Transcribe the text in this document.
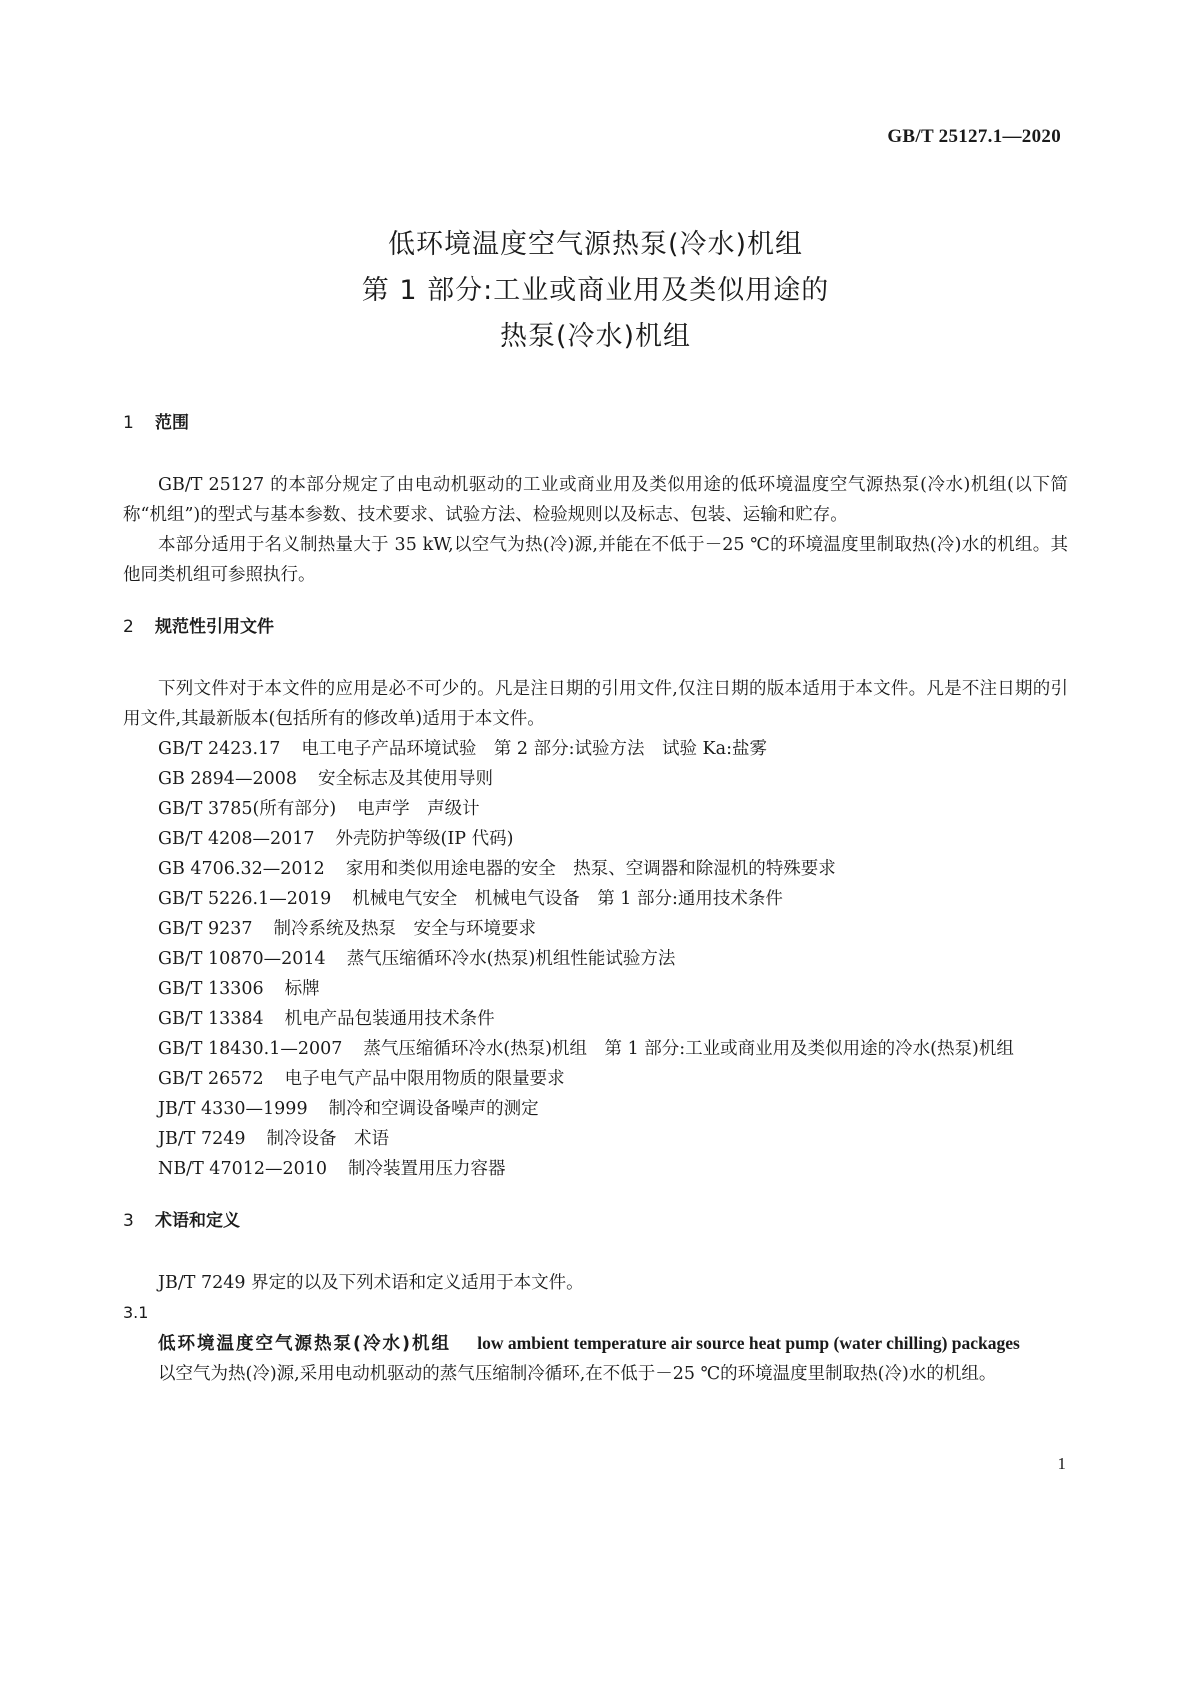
GB/T 25127.1—2020
低环境温度空气源热泵(冷水)机组
第 1 部分:工业或商业用及类似用途的
热泵(冷水)机组
1 范围

GB/T 25127 的本部分规定了由电动机驱动的工业或商业用及类似用途的低环境温度空气源热泵(冷水)机组(以下简称“机组”)的型式与基本参数、技术要求、试验方法、检验规则以及标志、包装、运输和贮存。

本部分适用于名义制热量大于 35 kW,以空气为热(冷)源,并能在不低于－25 ℃的环境温度里制取热(冷)水的机组。其他同类机组可参照执行。

2 规范性引用文件

下列文件对于本文件的应用是必不可少的。凡是注日期的引用文件,仅注日期的版本适用于本文件。凡是不注日期的引用文件,其最新版本(包括所有的修改单)适用于本文件。

GB/T 2423.17 电工电子产品环境试验　第 2 部分:试验方法　试验 Ka:盐雾

GB 2894—2008 安全标志及其使用导则

GB/T 3785(所有部分) 电声学　声级计

GB/T 4208—2017 外壳防护等级(IP 代码)

GB 4706.32—2012 家用和类似用途电器的安全　热泵、空调器和除湿机的特殊要求

GB/T 5226.1—2019 机械电气安全　机械电气设备　第 1 部分:通用技术条件

GB/T 9237 制冷系统及热泵　安全与环境要求

GB/T 10870—2014 蒸气压缩循环冷水(热泵)机组性能试验方法

GB/T 13306 标牌

GB/T 13384 机电产品包装通用技术条件

GB/T 18430.1—2007 蒸气压缩循环冷水(热泵)机组　第 1 部分:工业或商业用及类似用途的冷水(热泵)机组

GB/T 26572 电子电气产品中限用物质的限量要求

JB/T 4330—1999 制冷和空调设备噪声的测定

JB/T 7249 制冷设备　术语

NB/T 47012—2010 制冷装置用压力容器

3 术语和定义

JB/T 7249 界定的以及下列术语和定义适用于本文件。

3.1

低环境温度空气源热泵(冷水)机组 low ambient temperature air source heat pump (water chilling) packages

以空气为热(冷)源,采用电动机驱动的蒸气压缩制冷循环,在不低于－25 ℃的环境温度里制取热(冷)水的机组。

1
